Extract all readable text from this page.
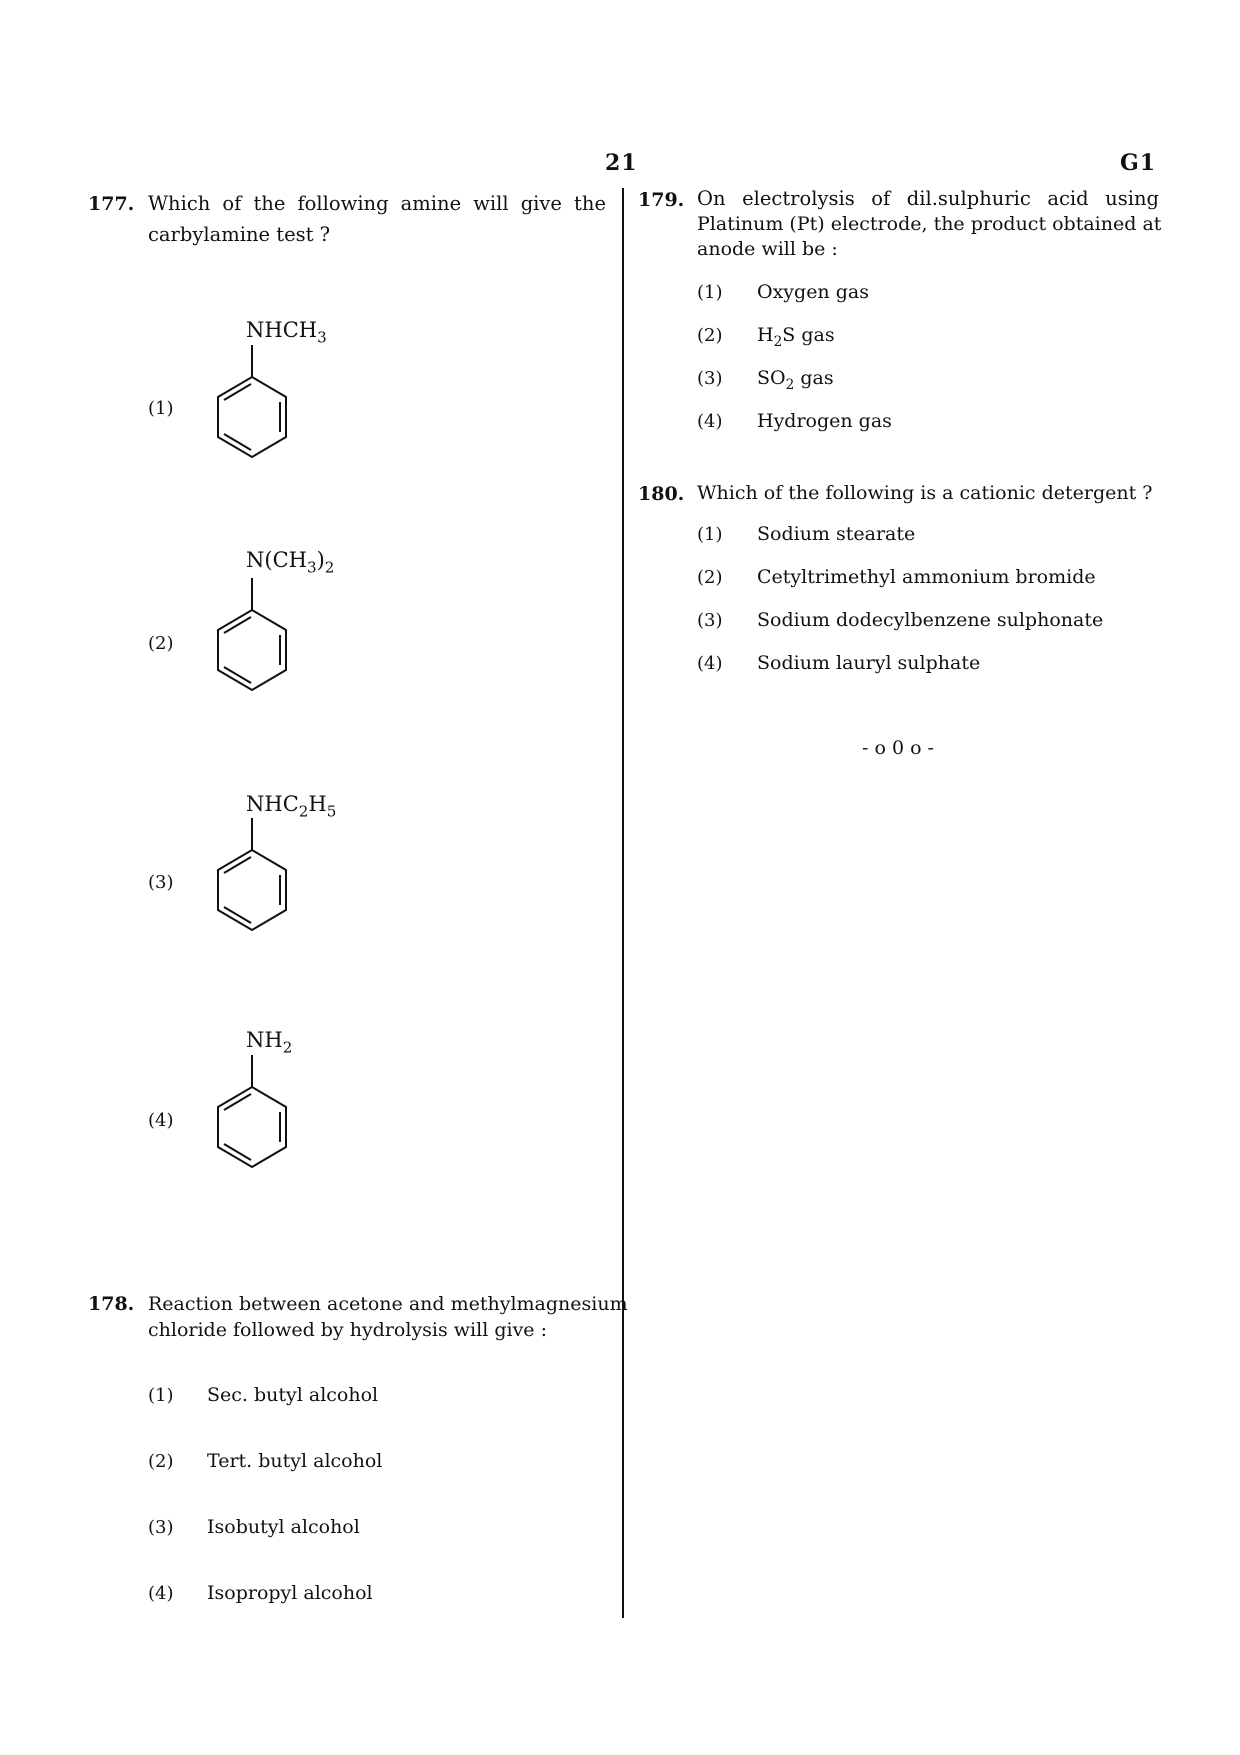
21	G1
177. Which of the following amine will give the
carbylamine test ?
(1)
$NHCH_3$
(2)
$N(CH_3)_2$
(3)
$NHC_2H_5$
(4)
$NH_2$
178. Reaction between acetone and methylmagnesium
chloride followed by hydrolysis will give :
(1) Sec. butyl alcohol
(2) Tert. butyl alcohol
(3) Isobutyl alcohol
(4) Isopropyl alcohol
179. On electrolysis of dil.sulphuric acid using
Platinum (Pt) electrode, the product obtained at
anode will be :
(1) Oxygen gas
(2) $H_2S$ gas
(3) $SO_2$ gas
(4) Hydrogen gas
180. Which of the following is a cationic detergent ?
(1) Sodium stearate
(2) Cetyltrimethyl ammonium bromide
(3) Sodium dodecylbenzene sulphonate
(4) Sodium lauryl sulphate
- o 0 o -
